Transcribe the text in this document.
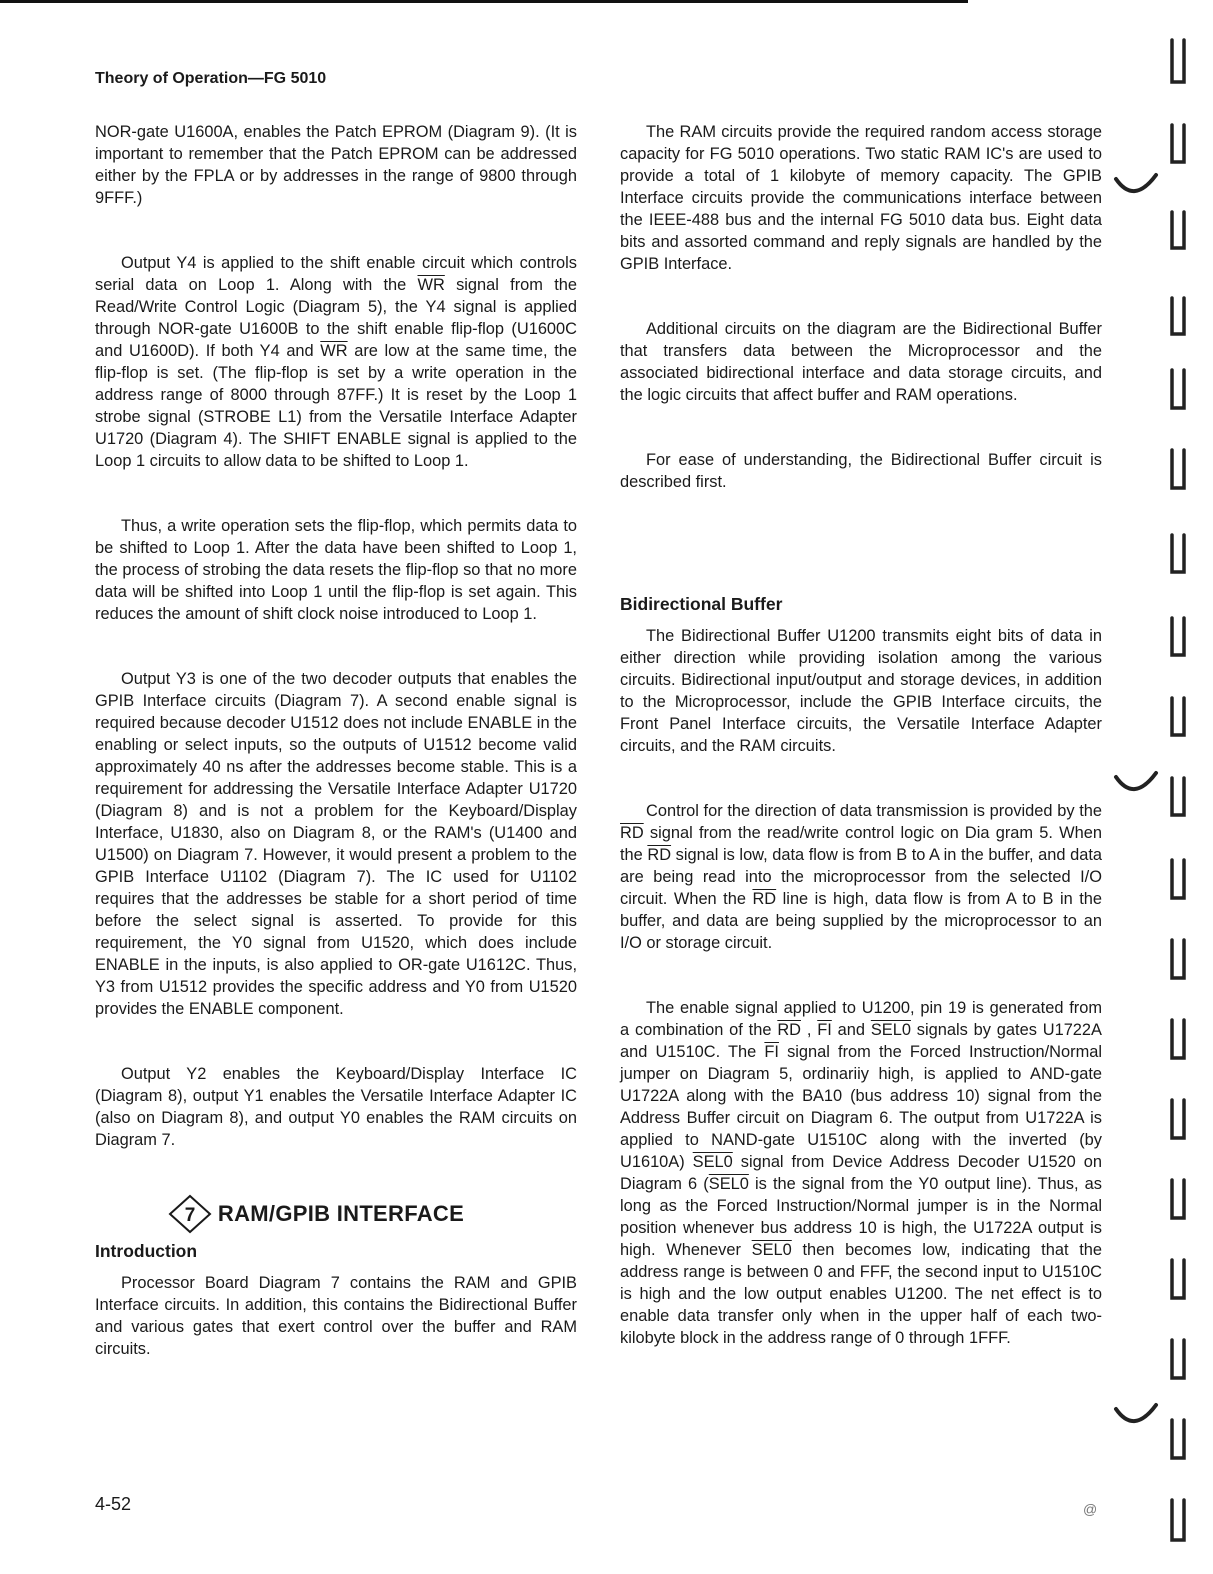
Theory of Operation—FG 5010

NOR-gate U1600A, enables the Patch EPROM (Diagram 9). (It is important to remember that the Patch EPROM can be addressed either by the FPLA or by addresses in the range of 9800 through 9FFF.)

Output Y4 is applied to the shift enable circuit which controls serial data on Loop 1. Along with the $\overline{WR}$ signal from the Read/Write Control Logic (Diagram 5), the Y4 signal is applied through NOR-gate U1600B to the shift enable flip-flop (U1600C and U1600D). If both Y4 and $\overline{WR}$ are low at the same time, the flip-flop is set. (The flip-flop is set by a write operation in the address range of 8000 through 87FF.) It is reset by the Loop 1 strobe signal (STROBE L1) from the Versatile Interface Adapter U1720 (Diagram 4). The SHIFT ENABLE signal is applied to the Loop 1 circuits to allow data to be shifted to Loop 1.

Thus, a write operation sets the flip-flop, which permits data to be shifted to Loop 1. After the data have been shifted to Loop 1, the process of strobing the data resets the flip-flop so that no more data will be shifted into Loop 1 until the flip-flop is set again. This reduces the amount of shift clock noise introduced to Loop 1.

Output Y3 is one of the two decoder outputs that enables the GPIB Interface circuits (Diagram 7). A second enable signal is required because decoder U1512 does not include ENABLE in the enabling or select inputs, so the outputs of U1512 become valid approximately 40 ns after the addresses become stable. This is a requirement for addressing the Versatile Interface Adapter U1720 (Diagram 8) and is not a problem for the Keyboard/Display Interface, U1830, also on Diagram 8, or the RAM's (U1400 and U1500) on Diagram 7. However, it would present a problem to the GPIB Interface U1102 (Diagram 7). The IC used for U1102 requires that the addresses be stable for a short period of time before the select signal is asserted. To provide for this requirement, the Y0 signal from U1520, which does include ENABLE in the inputs, is also applied to OR-gate U1612C. Thus, Y3 from U1512 provides the specific address and Y0 from U1520 provides the ENABLE component.

Output Y2 enables the Keyboard/Display Interface IC (Diagram 8), output Y1 enables the Versatile Interface Adapter IC (also on Diagram 8), and output Y0 enables the RAM circuits on Diagram 7.

7 RAM/GPIB INTERFACE
Introduction

Processor Board Diagram 7 contains the RAM and GPIB Interface circuits. In addition, this contains the Bidirectional Buffer and various gates that exert control over the buffer and RAM circuits.

The RAM circuits provide the required random access storage capacity for FG 5010 operations. Two static RAM IC's are used to provide a total of 1 kilobyte of memory capacity. The GPIB Interface circuits provide the communications interface between the IEEE-488 bus and the internal FG 5010 data bus. Eight data bits and assorted command and reply signals are handled by the GPIB Interface.

Additional circuits on the diagram are the Bidirectional Buffer that transfers data between the Microprocessor and the associated bidirectional interface and data storage circuits, and the logic circuits that affect buffer and RAM operations.

For ease of understanding, the Bidirectional Buffer circuit is described first.

Bidirectional Buffer

The Bidirectional Buffer U1200 transmits eight bits of data in either direction while providing isolation among the various circuits. Bidirectional input/output and storage devices, in addition to the Microprocessor, include the GPIB Interface circuits, the Front Panel Interface circuits, the Versatile Interface Adapter circuits, and the RAM circuits.

Control for the direction of data transmission is provided by the $\overline{RD}$ signal from the read/write control logic on Dia gram 5. When the $\overline{RD}$ signal is low, data flow is from B to A in the buffer, and data are being read into the microprocessor from the selected I/O circuit. When the $\overline{RD}$ line is high, data flow is from A to B in the buffer, and data are being supplied by the microprocessor to an I/O or storage circuit.

The enable signal applied to U1200, pin 19 is generated from a combination of the $\overline{RD}$ , $\overline{FI}$ and SEL0 signals by gates U1722A and U1510C. The $\overline{FI}$ signal from the Forced Instruction/Normal jumper on Diagram 5, ordinariiy high, is applied to AND-gate U1722A along with the BA10 (bus address 10) signal from the Address Buffer circuit on Diagram 6. The output from U1722A is applied to NAND-gate U1510C along with the inverted (by U1610A) SEL0 signal from Device Address Decoder U1520 on Diagram 6 (SEL0 is the signal from the Y0 output line). Thus, as long as the Forced Instruction/Normal jumper is in the Normal position whenever bus address 10 is high, the U1722A output is high. Whenever SEL0 then becomes low, indicating that the address range is between 0 and FFF, the second input to U1510C is high and the low output enables U1200. The net effect is to enable data transfer only when in the upper half of each two-kilobyte block in the address range of 0 through 1FFF.

4-52	@
